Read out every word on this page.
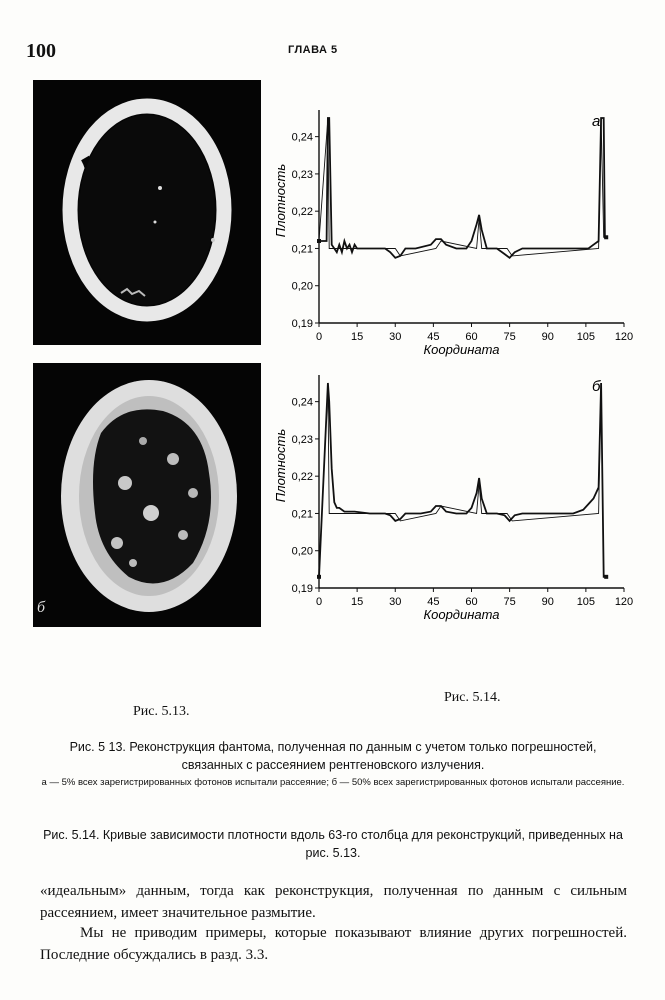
100	ГЛАВА 5
б
0	15 30 45 60 75 90 105 120
0,19
0,20
0,21
0,22
0,23
0,24
Координата
Плотность
а
0	15 30 45 60 75 90 105 120
0,19
0,20
0,21
0,22
0,23
0,24
Координата
Плотность
б
Рис. 5.13.
Рис. 5.14.
Рис. 5 13. Реконструкция фантома, полученная по данным с учетом только погрешностей, связанных с рассеянием рентгеновского излучения.
а — 5% всех зарегистрированных фотонов испытали рассеяние; б — 50% всех зарегистрированных фотонов испытали рассеяние.
Рис. 5.14. Кривые зависимости плотности вдоль 63-го столбца для реконструкций, приведенных на рис. 5.13.
«идеальным» данным, тогда как реконструкция, полученная по данным с сильным рассеянием, имеет значительное размытие.
Мы не приводим примеры, которые показывают влияние других погрешностей. Последние обсуждались в разд. 3.3.
